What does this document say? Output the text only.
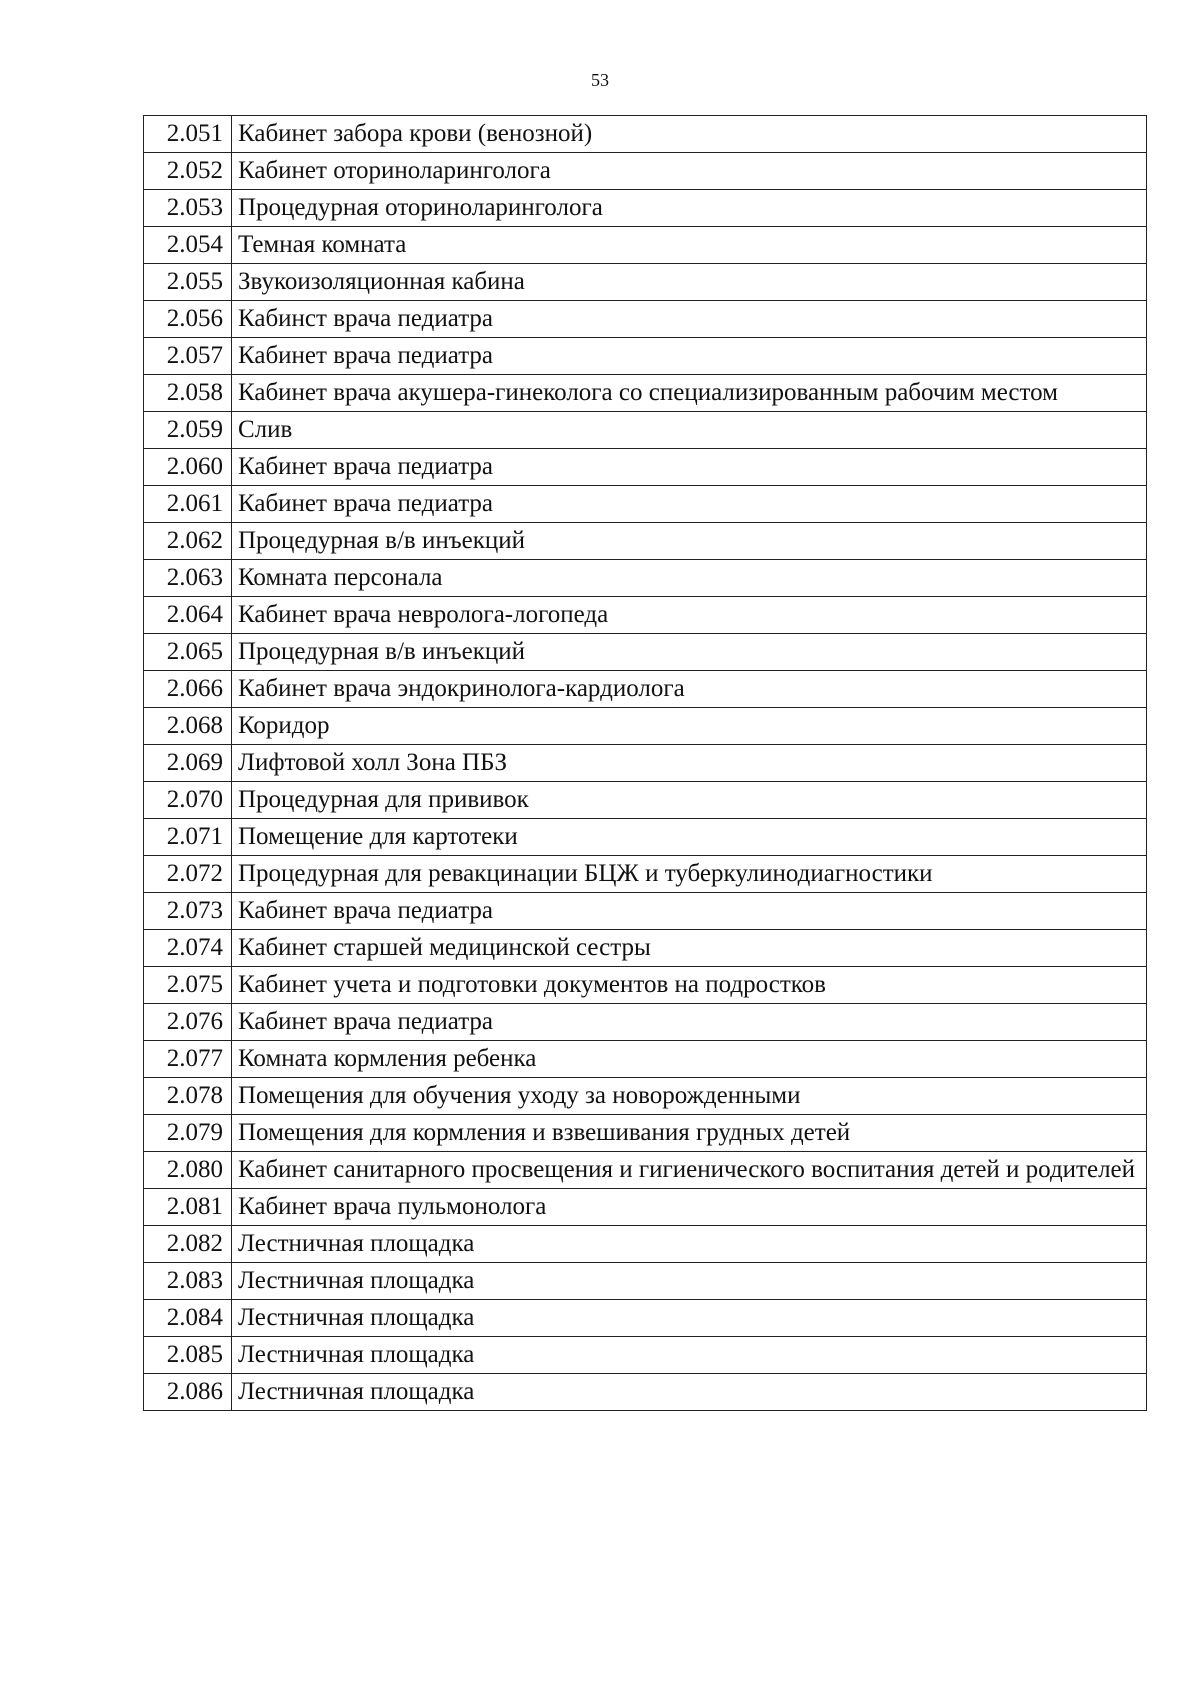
53
2.051	Кабинет забора крови (венозной)
2.052	Кабинет оториноларинголога
2.053	Процедурная оториноларинголога
2.054	Темная комната
2.055	Звукоизоляционная кабина
2.056	Кабинст врача педиатра
2.057	Кабинет врача педиатра
2.058	Кабинет врача акушера-гинеколога со специализированным рабочим местом
2.059	Слив
2.060	Кабинет врача педиатра
2.061	Кабинет врача педиатра
2.062	Процедурная в/в инъекций
2.063	Комната персонала
2.064	Кабинет врача невролога-логопеда
2.065	Процедурная в/в инъекций
2.066	Кабинет врача эндокринолога-кардиолога
2.068	Коридор
2.069	Лифтовой холл Зона ПБЗ
2.070	Процедурная для прививок
2.071	Помещение для картотеки
2.072	Процедурная для ревакцинации БЦЖ и туберкулинодиагностики
2.073	Кабинет врача педиатра
2.074	Кабинет старшей медицинской сестры
2.075	Кабинет учета и подготовки документов на подростков
2.076	Кабинет врача педиатра
2.077	Комната кормления ребенка
2.078	Помещения для обучения уходу за новорожденными
2.079	Помещения для кормления и взвешивания грудных детей
2.080	Кабинет санитарного просвещения и гигиенического воспитания детей и родителей
2.081	Кабинет врача пульмонолога
2.082	Лестничная площадка
2.083	Лестничная площадка
2.084	Лестничная площадка
2.085	Лестничная площадка
2.086	Лестничная площадка
